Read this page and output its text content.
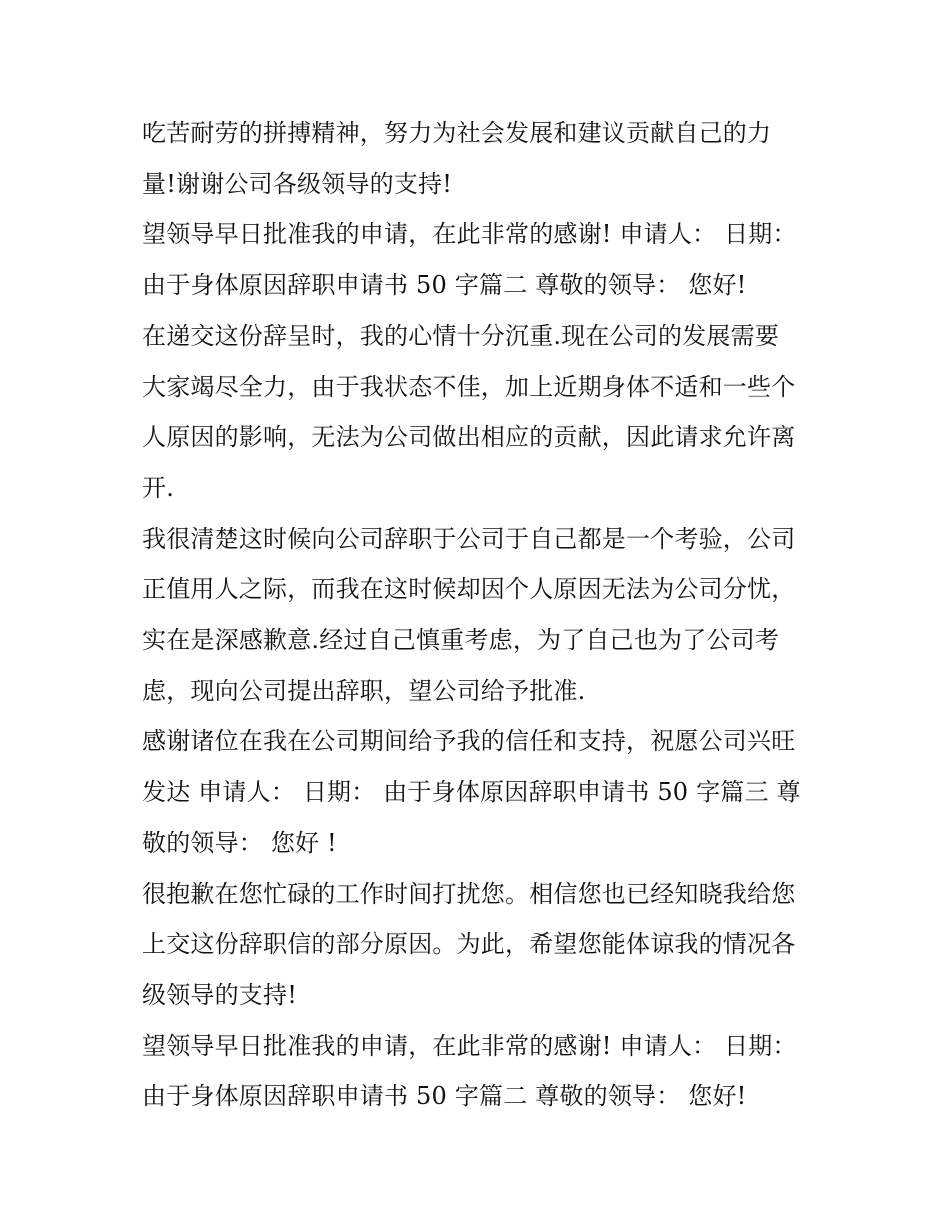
吃苦耐劳的拼搏精神，努力为社会发展和建议贡献自己的力
量!谢谢公司各级领导的支持!
望领导早日批准我的申请，在此非常的感谢! 申请人： 日期：
由于身体原因辞职申请书 50 字篇二 尊敬的领导： 您好!
在递交这份辞呈时，我的心情十分沉重.现在公司的发展需要
大家竭尽全力，由于我状态不佳，加上近期身体不适和一些个
人原因的影响，无法为公司做出相应的贡献，因此请求允许离
开.
我很清楚这时候向公司辞职于公司于自己都是一个考验，公司
正值用人之际，而我在这时候却因个人原因无法为公司分忧，
实在是深感歉意.经过自己慎重考虑，为了自己也为了公司考
虑，现向公司提出辞职，望公司给予批准.
感谢诸位在我在公司期间给予我的信任和支持，祝愿公司兴旺
发达 申请人： 日期： 由于身体原因辞职申请书 50 字篇三 尊
敬的领导： 您好 !
很抱歉在您忙碌的工作时间打扰您。相信您也已经知晓我给您
上交这份辞职信的部分原因。为此，希望您能体谅我的情况各
级领导的支持!
望领导早日批准我的申请，在此非常的感谢! 申请人： 日期：
由于身体原因辞职申请书 50 字篇二 尊敬的领导： 您好!
